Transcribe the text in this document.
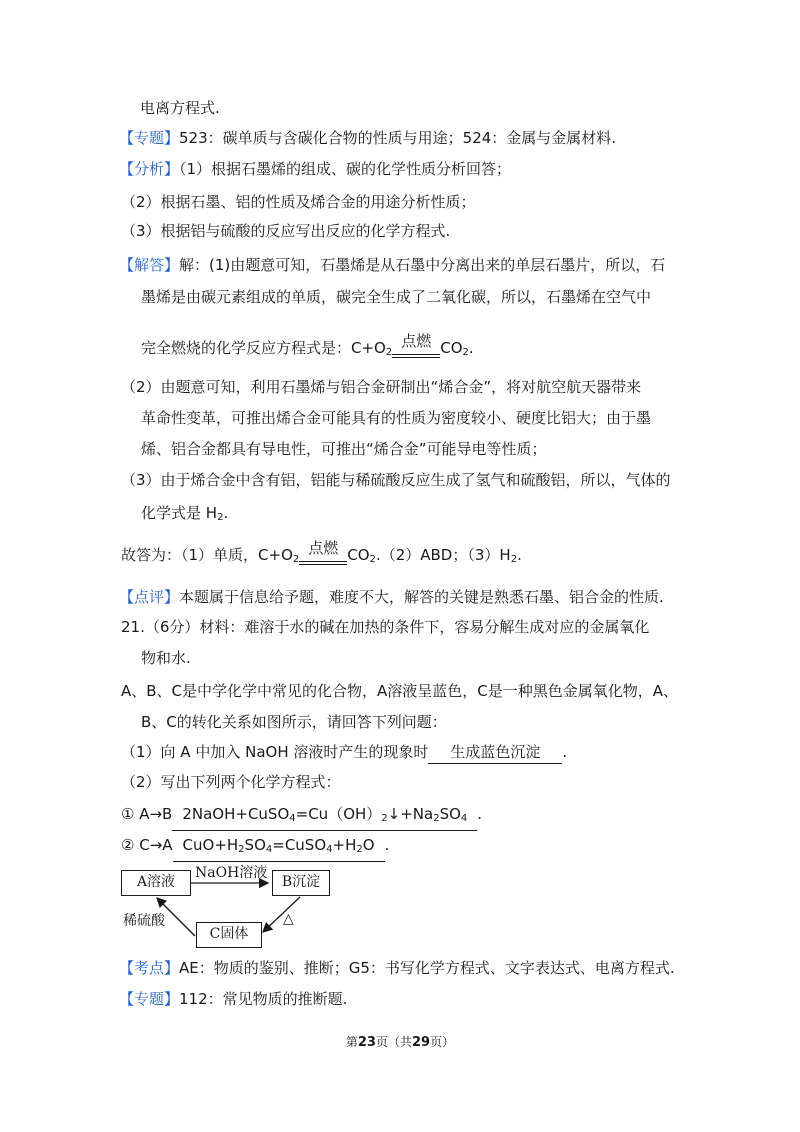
电离方程式.
【专题】523：碳单质与含碳化合物的性质与用途；524：金属与金属材料.
【分析】（1）根据石墨烯的组成、碳的化学性质分析回答；
（2）根据石墨、铝的性质及烯合金的用途分析性质；
（3）根据铝与硫酸的反应写出反应的化学方程式.
【解答】解：(1)由题意可知，石墨烯是从石墨中分离出来的单层石墨片，所以，石
墨烯是由碳元素组成的单质，碳完全生成了二氧化碳，所以，石墨烯在空气中
完全燃烧的化学反应方程式是：$C+O_2$
点燃 $CO_2$.
（2）由题意可知，利用石墨烯与铝合金研制出“烯合金”，将对航空航天器带来
革命性变革，可推出烯合金可能具有的性质为密度较小、硬度比铝大；由于墨
烯、铝合金都具有导电性，可推出“烯合金”可能导电等性质；
（3）由于烯合金中含有铝，铝能与稀硫酸反应生成了氢气和硫酸铝，所以，气体的
化学式是 $H_2$.
故答为：（1）单质，$C+O_2$
点燃 $CO_2.(2)ABD$；$(3)H_2$.
【点评】本题属于信息给予题，难度不大，解答的关键是熟悉石墨、铝合金的性质.
21.（6分）材料：难溶于水的碱在加热的条件下，容易分解生成对应的金属氧化
物和水.
A、B、C是中学化学中常见的化合物，A溶液呈蓝色，C是一种黑色金属氧化物，A、
B、C的转化关系如图所示，请回答下列问题：
（1）向 A 中加入 NaOH 溶液时产生的现象时 生成蓝色沉淀 .
（2）写出下列两个化学方程式：
① A→B $2NaOH+CuSO_4=Cu(OH)_2↓+Na_2SO_4$ .
② C→A $CuO+H_2SO_4=CuSO_4+H_2O$ .
A溶液	B沉淀
C固体
NaOH溶液
△
稀硫酸
【考点】AE：物质的鉴别、推断；G5：书写化学方程式、文字表达式、电离方程式.
【专题】112：常见物质的推断题.
第23页（共29页）
